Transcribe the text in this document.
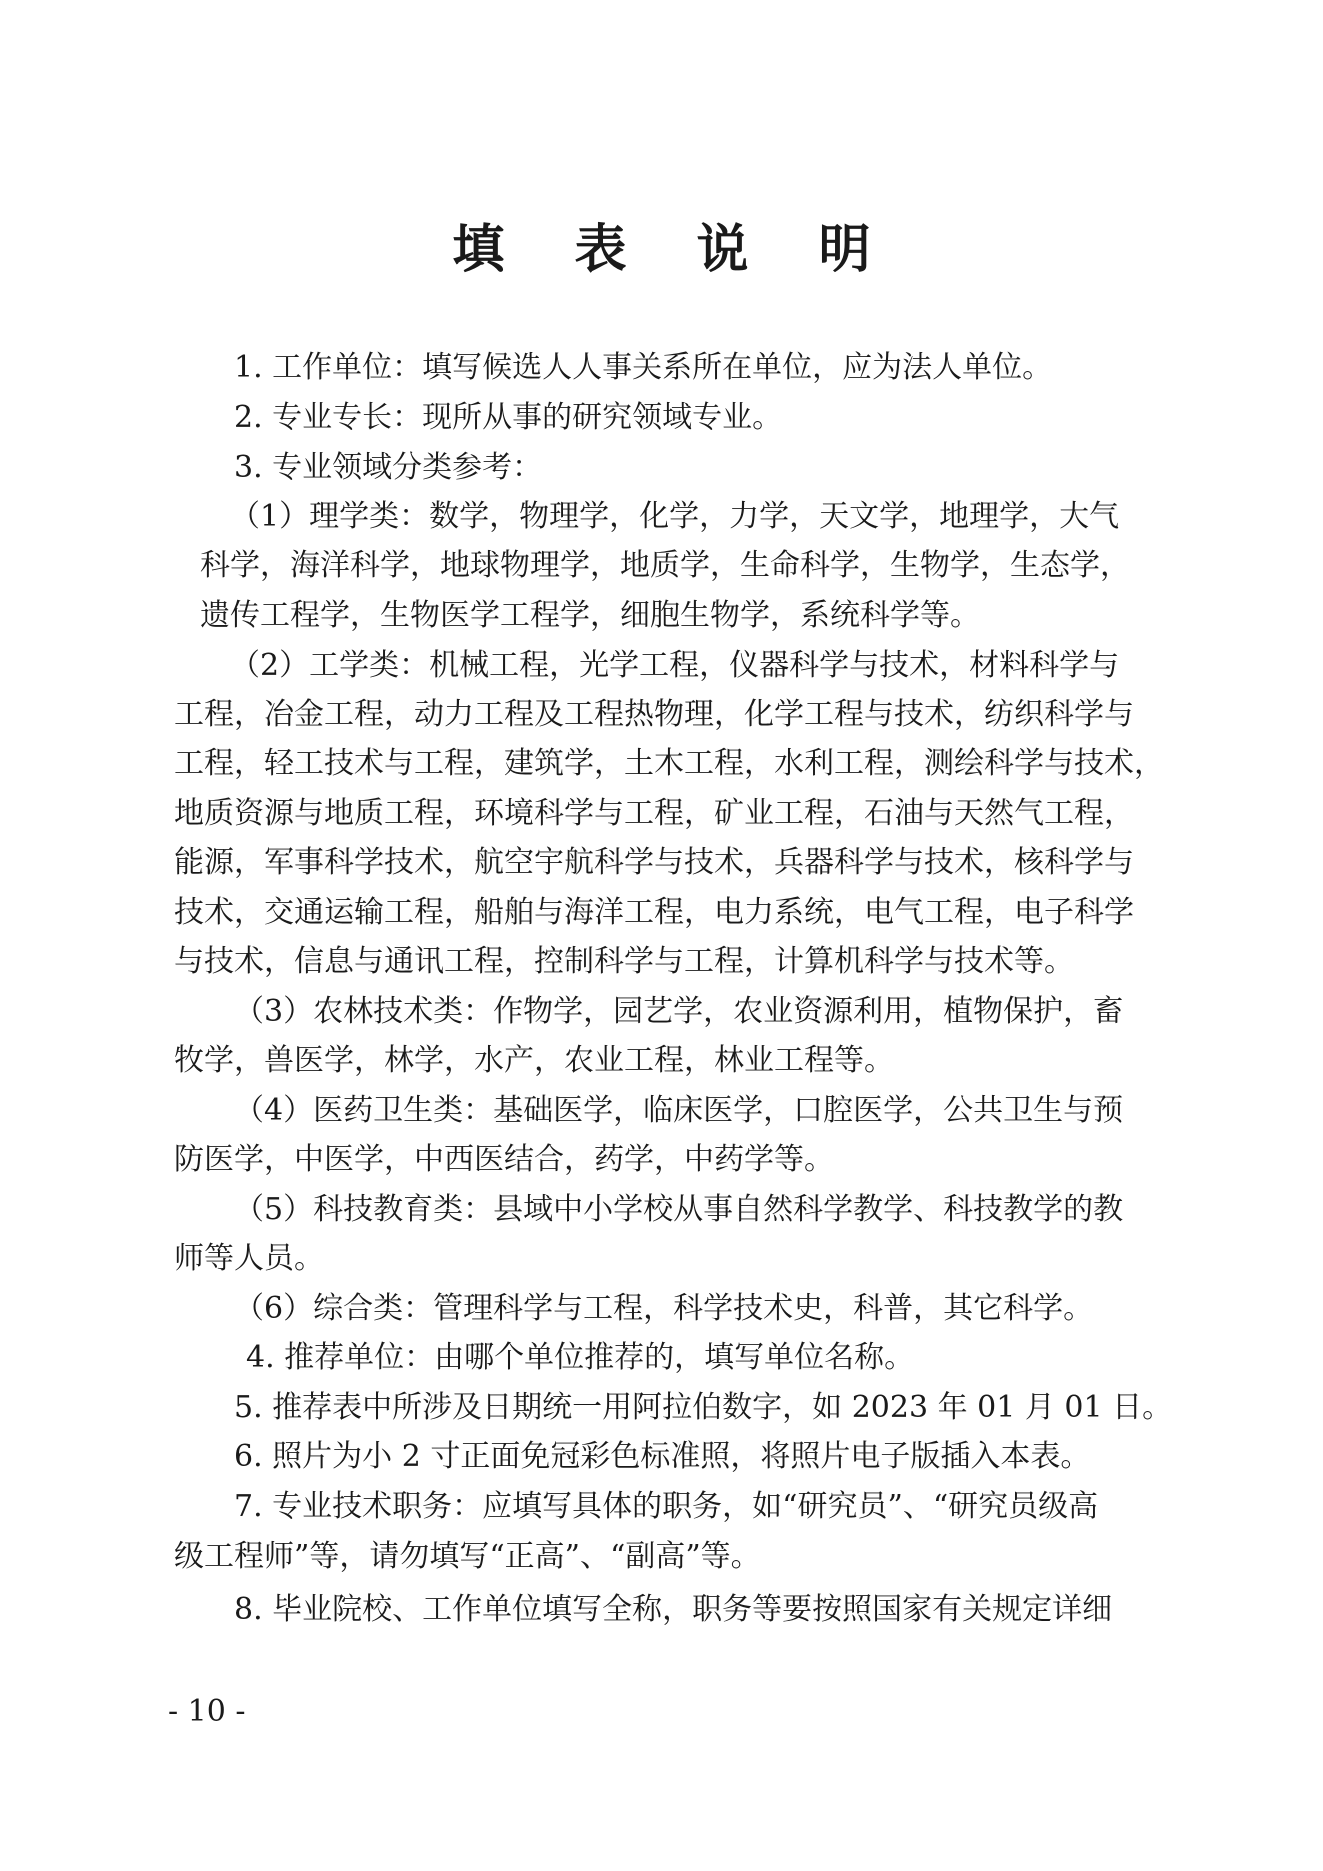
填 表 说 明
1. 工作单位：填写候选人人事关系所在单位，应为法人单位。
2. 专业专长：现所从事的研究领域专业。
3. 专业领域分类参考：
（1）理学类：数学，物理学，化学，力学，天文学，地理学，大气
科学，海洋科学，地球物理学，地质学，生命科学，生物学，生态学，
遗传工程学，生物医学工程学，细胞生物学，系统科学等。
（2）工学类：机械工程，光学工程，仪器科学与技术，材料科学与
工程，冶金工程，动力工程及工程热物理，化学工程与技术，纺织科学与
工程，轻工技术与工程，建筑学，土木工程，水利工程，测绘科学与技术，
地质资源与地质工程，环境科学与工程，矿业工程，石油与天然气工程，
能源，军事科学技术，航空宇航科学与技术，兵器科学与技术，核科学与
技术，交通运输工程，船舶与海洋工程，电力系统，电气工程，电子科学
与技术，信息与通讯工程，控制科学与工程，计算机科学与技术等。
（3）农林技术类：作物学，园艺学，农业资源利用，植物保护，畜
牧学，兽医学，林学，水产，农业工程，林业工程等。
（4）医药卫生类：基础医学，临床医学，口腔医学，公共卫生与预
防医学，中医学，中西医结合，药学，中药学等。
（5）科技教育类：县域中小学校从事自然科学教学、科技教学的教
师等人员。
（6）综合类：管理科学与工程，科学技术史，科普，其它科学。
4. 推荐单位：由哪个单位推荐的，填写单位名称。
5. 推荐表中所涉及日期统一用阿拉伯数字，如 2023 年 01 月 01 日。
6. 照片为小 2 寸正面免冠彩色标准照，将照片电子版插入本表。
7. 专业技术职务：应填写具体的职务，如“研究员”、“研究员级高
级工程师”等，请勿填写“正高”、“副高”等。
8. 毕业院校、工作单位填写全称，职务等要按照国家有关规定详细
- 10 -
